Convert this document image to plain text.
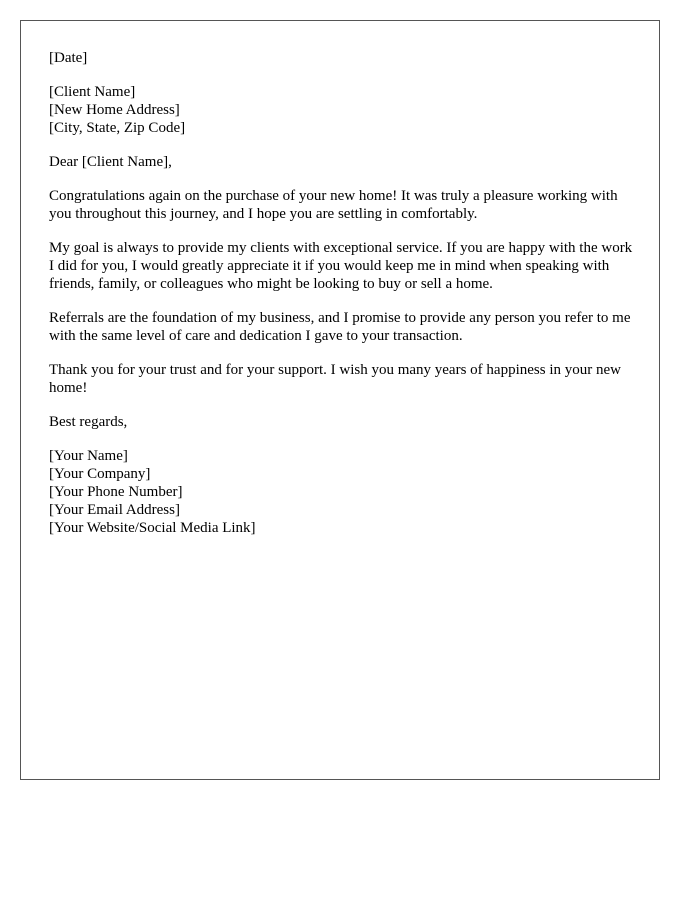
[Date]

[Client Name]
[New Home Address]
[City, State, Zip Code]

Dear [Client Name],

Congratulations again on the purchase of your new home! It was truly a pleasure working with you throughout this journey, and I hope you are settling in comfortably.

My goal is always to provide my clients with exceptional service. If you are happy with the work I did for you, I would greatly appreciate it if you would keep me in mind when speaking with friends, family, or colleagues who might be looking to buy or sell a home.

Referrals are the foundation of my business, and I promise to provide any person you refer to me with the same level of care and dedication I gave to your transaction.

Thank you for your trust and for your support. I wish you many years of happiness in your new home!

Best regards,

[Your Name]
[Your Company]
[Your Phone Number]
[Your Email Address]
[Your Website/Social Media Link]
